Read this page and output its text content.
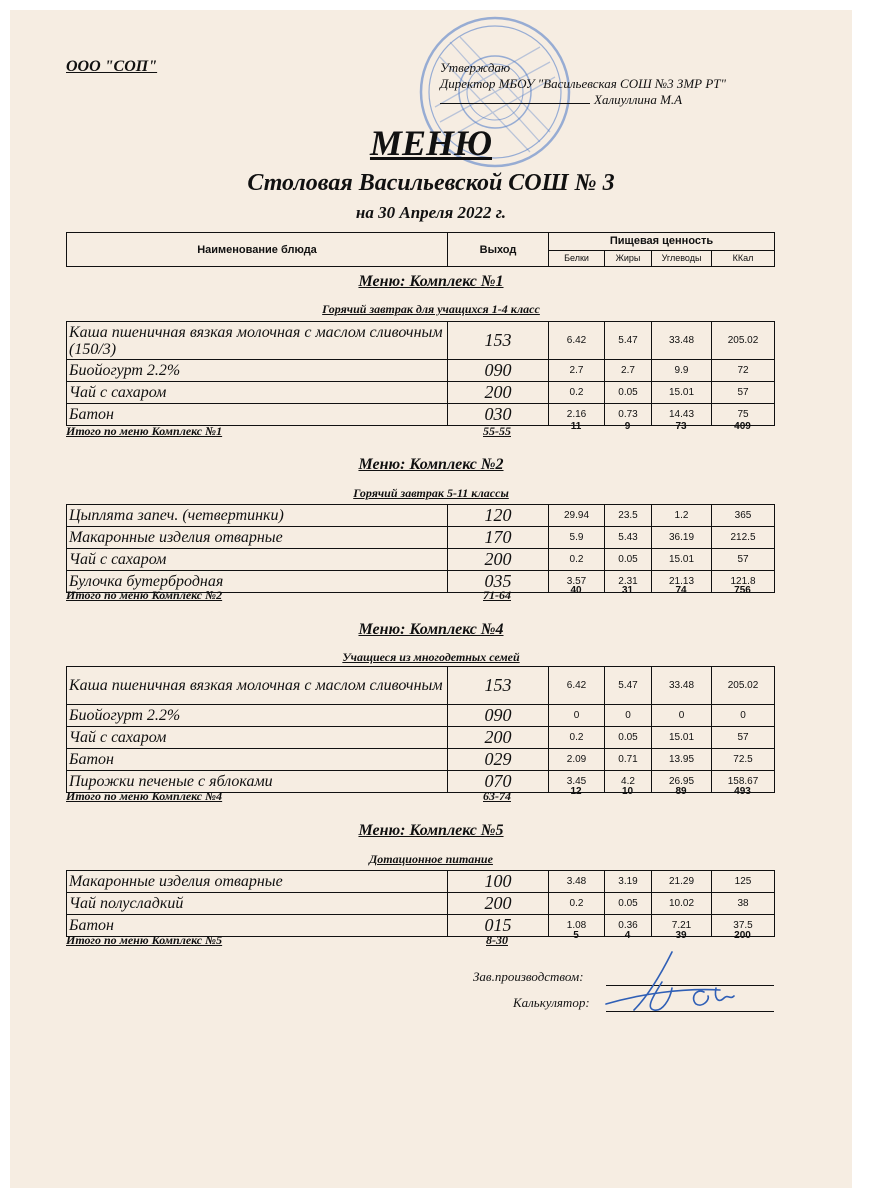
ООО "СОП"	Утверждаю
Директор МБОУ "Васильевская СОШ №3 ЗМР РТ"
Халиуллина М.А
МЕНЮ
Столовая Васильевской СОШ № 3
на 30 Апреля 2022 г.
Наименование блюда	Выход	Пищевая ценность			
		Белки	Жиры	Углеводы	ККал
Меню: Комплекс №1
Горячий завтрак для учащихся 1-4 класс
Каша пшеничная вязкая молочная с маслом сливочным (150/3)	153	6.42	5.47	33.48	205.02
Биойогурт 2.2%	090	2.7	2.7	9.9	72
Чай с сахаром	200	0.2	0.05	15.01	57
Батон	030	2.16	0.73	14.43	75
Итого по меню Комплекс №1	55-55	11	9	73	409
Меню: Комплекс №2
Горячий завтрак 5-11 классы
Цыплята запеч. (четвертинки)	120	29.94	23.5	1.2	365
Макаронные изделия отварные	170	5.9	5.43	36.19	212.5
Чай с сахаром	200	0.2	0.05	15.01	57
Булочка бутербродная	035	3.57	2.31	21.13	121.8
Итого по меню Комплекс №2	71-64	40	31	74	756
Меню: Комплекс №4
Учащиеся из многодетных семей
Каша пшеничная вязкая молочная с маслом сливочным	153	6.42	5.47	33.48	205.02
Биойогурт 2.2%	090	0	0	0	0
Чай с сахаром	200	0.2	0.05	15.01	57
Батон	029	2.09	0.71	13.95	72.5
Пирожки печеные с яблоками	070	3.45	4.2	26.95	158.67
Итого по меню Комплекс №4	63-74	12	10	89	493
Меню: Комплекс №5
Дотационное питание
Макаронные изделия отварные	100	3.48	3.19	21.29	125
Чай полусладкий	200	0.2	0.05	10.02	38
Батон	015	1.08	0.36	7.21	37.5
Итого по меню Комплекс №5	8-30	5	4	39	200
Зав.производством:
Калькулятор:
